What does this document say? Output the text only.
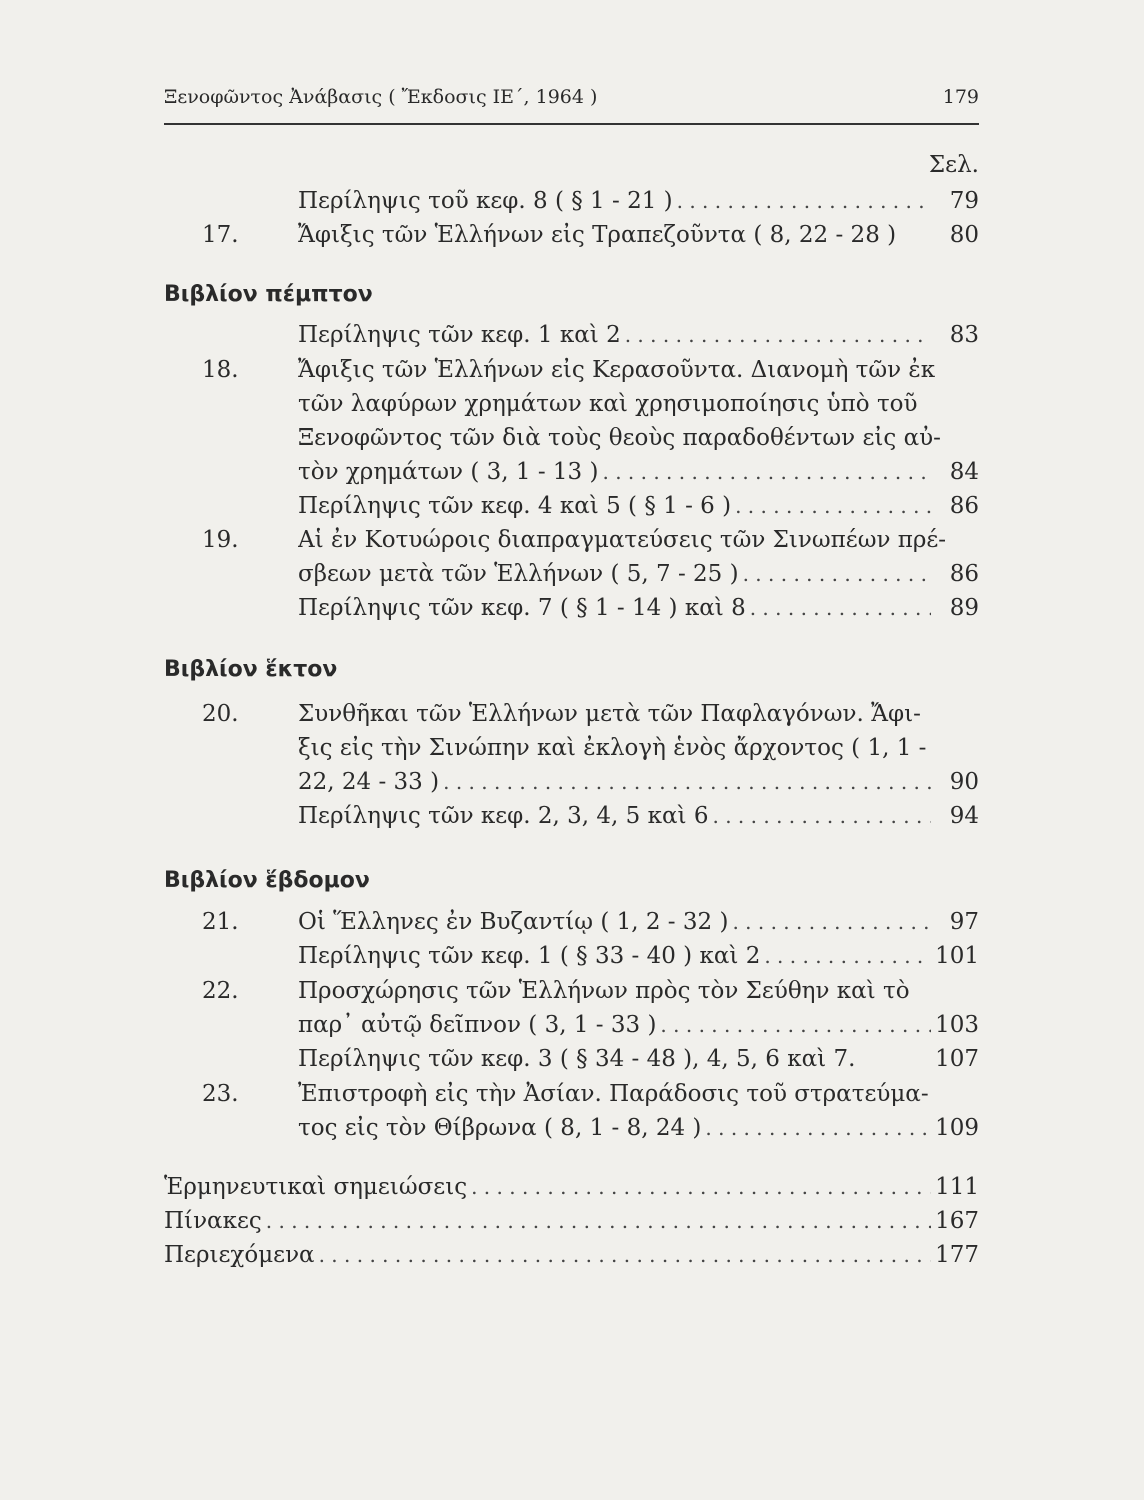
Ξενοφῶντος Ἀνάβασις ( Ἔκδοσις ΙΕ΄, 1964 )	179
Σελ.
Περίληψις τοῦ κεφ. 8 ( § 1 - 21 ) . . .	79
17.	Ἄφιξις τῶν Ἑλλήνων εἰς Τραπεζοῦντα ( 8, 22 - 28 )	80
Βιβλίον πέμπτον
Περίληψις τῶν κεφ. 1 καὶ 2 . . .	83
18.	Ἄφιξις τῶν Ἑλλήνων εἰς Κερασοῦντα. Διανομὴ τῶν ἐκ
τῶν λαφύρων χρημάτων καὶ χρησιμοποίησις ὑπὸ τοῦ
Ξενοφῶντος τῶν διὰ τοὺς θεοὺς παραδοθέντων εἰς αὐ-
τὸν χρημάτων ( 3, 1 - 13 ) . . .	84
Περίληψις τῶν κεφ. 4 καὶ 5 ( § 1 - 6 ) . . .	86
19.	Αἱ ἐν Κοτυώροις διαπραγματεύσεις τῶν Σινωπέων πρέ-
σβεων μετὰ τῶν Ἑλλήνων ( 5, 7 - 25 ) . . .	86
Περίληψις τῶν κεφ. 7 ( § 1 - 14 ) καὶ 8 . . .	89
Βιβλίον ἕκτον
20.	Συνθῆκαι τῶν Ἑλλήνων μετὰ τῶν Παφλαγόνων. Ἄφι-
ξις εἰς τὴν Σινώπην καὶ ἐκλογὴ ἑνὸς ἄρχοντος ( 1, 1 -
22, 24 - 33 ) . . .	90
Περίληψις τῶν κεφ. 2, 3, 4, 5 καὶ 6 . . .	94
Βιβλίον ἕβδομον
21.	Οἱ Ἕλληνες ἐν Βυζαντίῳ ( 1, 2 - 32 ) . . .	97
Περίληψις τῶν κεφ. 1 ( § 33 - 40 ) καὶ 2 . . .	101
22.	Προσχώρησις τῶν Ἑλλήνων πρὸς τὸν Σεύθην καὶ τὸ
παρ᾽ αὐτῷ δεῖπνον ( 3, 1 - 33 ) . . .	103
Περίληψις τῶν κεφ. 3 ( § 34 - 48 ), 4, 5, 6 καὶ 7.	107
23.	Ἐπιστροφὴ εἰς τὴν Ἀσίαν. Παράδοσις τοῦ στρατεύμα-
τος εἰς τὸν Θίβρωνα ( 8, 1 - 8, 24 ) . . .	109
Ἑρμηνευτικαὶ σημειώσεις . . .	111
Πίνακες . . .	167
Περιεχόμενα . . .	177
